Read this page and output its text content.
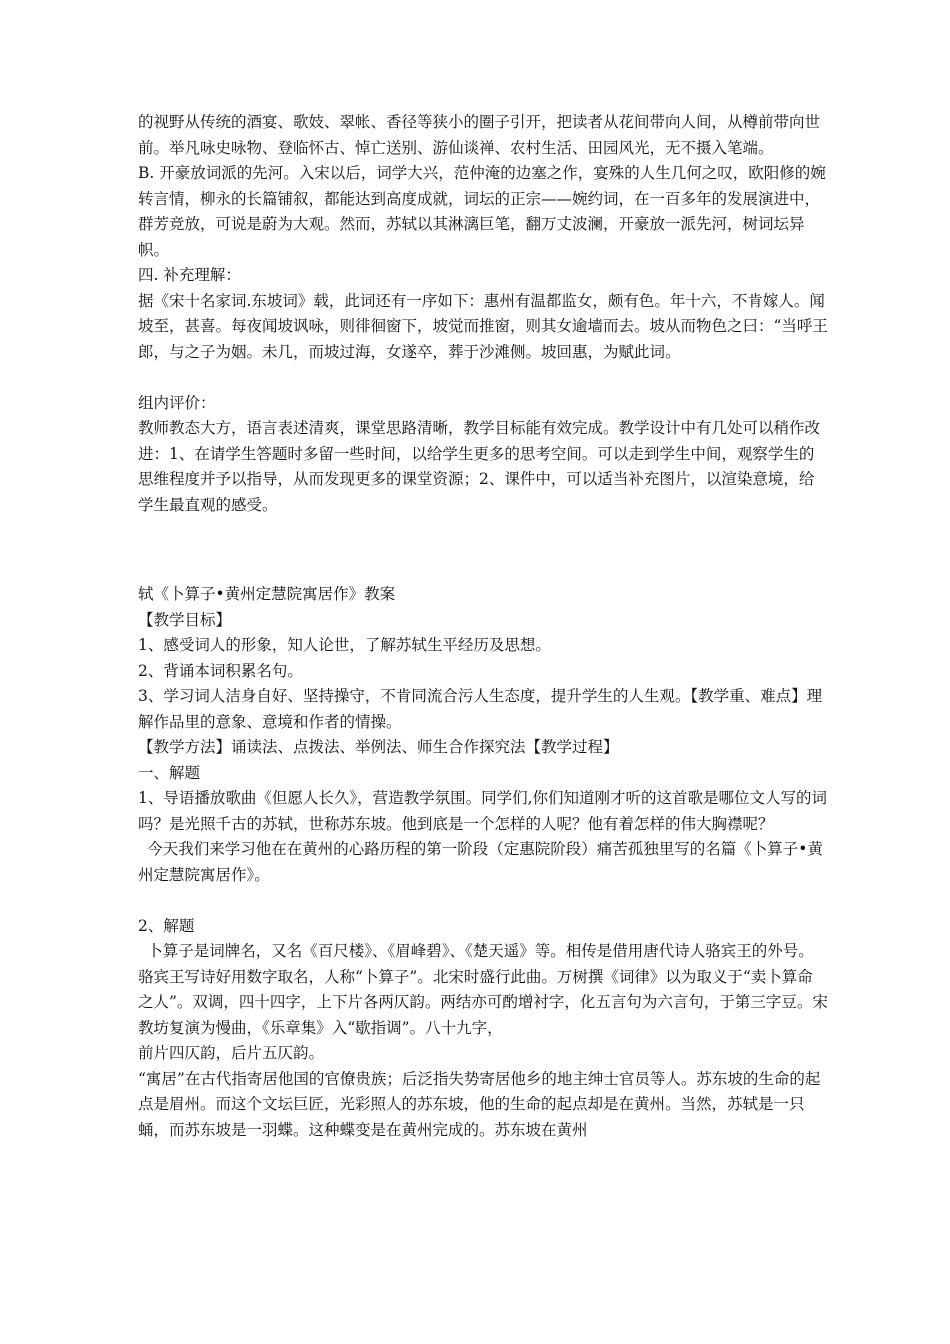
的视野从传统的酒宴、歌妓、翠帐、香径等狭小的圈子引开，把读者从花间带向人间，从樽前带向世前。举凡咏史咏物、登临怀古、悼亡送别、游仙谈禅、农村生活、田园风光，无不摄入笔端。

B. 开豪放词派的先河。入宋以后，词学大兴，范仲淹的边塞之作，宴殊的人生几何之叹，欧阳修的婉转言情，柳永的长篇铺叙，都能达到高度成就，词坛的正宗——婉约词，在一百多年的发展演进中，群芳竞放，可说是蔚为大观。然而，苏轼以其淋漓巨笔，翻万丈波澜，开豪放一派先河，树词坛异帜。

四. 补充理解：

据《宋十名家词.东坡词》载，此词还有一序如下：惠州有温都监女，颇有色。年十六，不肯嫁人。闻坡至，甚喜。每夜闻坡讽咏，则徘徊窗下，坡觉而推窗，则其女逾墙而去。坡从而物色之曰：“当呼王郎，与之子为姻。未几，而坡过海，女遂卒，葬于沙滩侧。坡回惠，为赋此词。

组内评价：

教师教态大方，语言表述清爽，课堂思路清晰，教学目标能有效完成。教学设计中有几处可以稍作改进：1、在请学生答题时多留一些时间，以给学生更多的思考空间。可以走到学生中间，观察学生的思维程度并予以指导，从而发现更多的课堂资源；2、课件中，可以适当补充图片，以渲染意境，给学生最直观的感受。

轼《卜算子•黄州定慧院寓居作》教案

【教学目标】

1、感受词人的形象，知人论世，了解苏轼生平经历及思想。

2、背诵本词积累名句。

3、学习词人洁身自好、坚持操守，不肯同流合污人生态度，提升学生的人生观。【教学重、难点】理解作品里的意象、意境和作者的情操。

【教学方法】诵读法、点拨法、举例法、师生合作探究法【教学过程】

一、解题

1、导语播放歌曲《但愿人长久》，营造教学氛围。同学们,你们知道刚才听的这首歌是哪位文人写的词吗？是光照千古的苏轼，世称苏东坡。他到底是一个怎样的人呢？他有着怎样的伟大胸襟呢？

今天我们来学习他在在黄州的心路历程的第一阶段（定惠院阶段）痛苦孤独里写的名篇《卜算子•黄州定慧院寓居作》。

2、解题

卜算子是词牌名，又名《百尺楼》、《眉峰碧》、《楚天遥》等。相传是借用唐代诗人骆宾王的外号。骆宾王写诗好用数字取名，人称“卜算子”。北宋时盛行此曲。万树撰《词律》以为取义于“卖卜算命之人”。双调，四十四字，上下片各两仄韵。两结亦可酌增衬字，化五言句为六言句，于第三字豆。宋教坊复演为慢曲，《乐章集》入“歇指调”。八十九字，

前片四仄韵，后片五仄韵。

“寓居”在古代指寄居他国的官僚贵族；后泛指失势寄居他乡的地主绅士官员等人。苏东坡的生命的起点是眉州。而这个文坛巨匠，光彩照人的苏东坡，他的生命的起点却是在黄州。当然，苏轼是一只蛹，而苏东坡是一羽蝶。这种蝶变是在黄州完成的。苏东坡在黄州
